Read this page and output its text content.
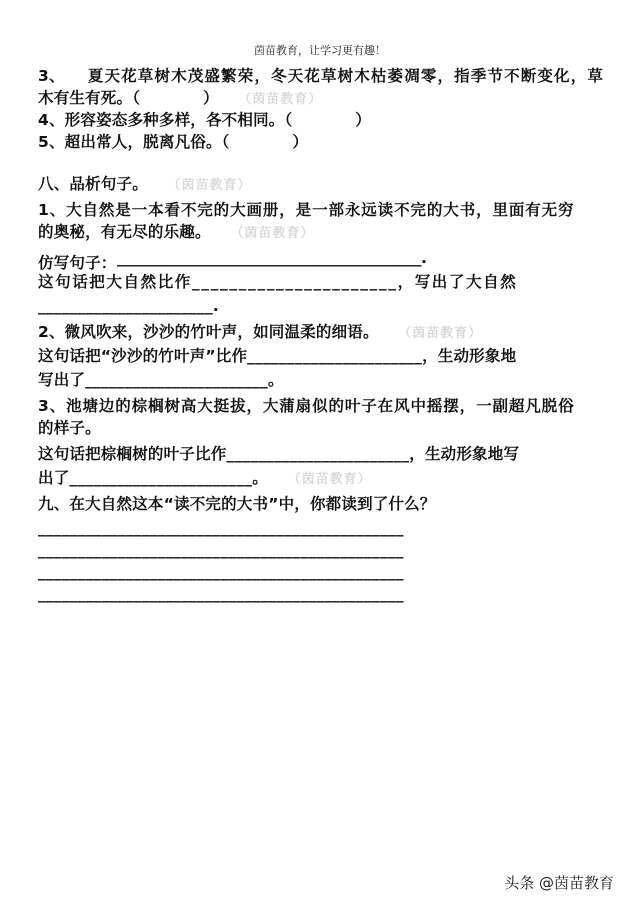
茵苗教育，让学习更有趣！
3、 夏天花草树木茂盛繁荣，冬天花草树木枯萎凋零，指季节不断变化，草
木有生有死。（　　　　） （茵苗教育）
4、形容姿态多种多样，各不相同。（　　　　）
5、超出常人，脱离凡俗。（　　　　）
八、品析句子。 （茵苗教育）
1、大自然是一本看不完的大画册，是一部永远读不完的大书，里面有无穷
的奥秘，有无尽的乐趣。 （茵苗教育）
仿写句子：__________________________________________.
这句话把大自然比作______________________，写出了大自然
______________________.
2、微风吹来，沙沙的竹叶声，如同温柔的细语。 （茵苗教育）
这句话把“沙沙的竹叶声”比作______________________，生动形象地
写出了_______________________。
3、池塘边的棕榈树高大挺拔，大蒲扇似的叶子在风中摇摆，一副超凡脱俗
的样子。
这句话把棕榈树的叶子比作_______________________，生动形象地写
出了_______________________。 （茵苗教育）
九、在大自然这本“读不完的大书”中，你都读到了什么？
______________________________________________
______________________________________________
______________________________________________
______________________________________________
头条 @茵苗教育
